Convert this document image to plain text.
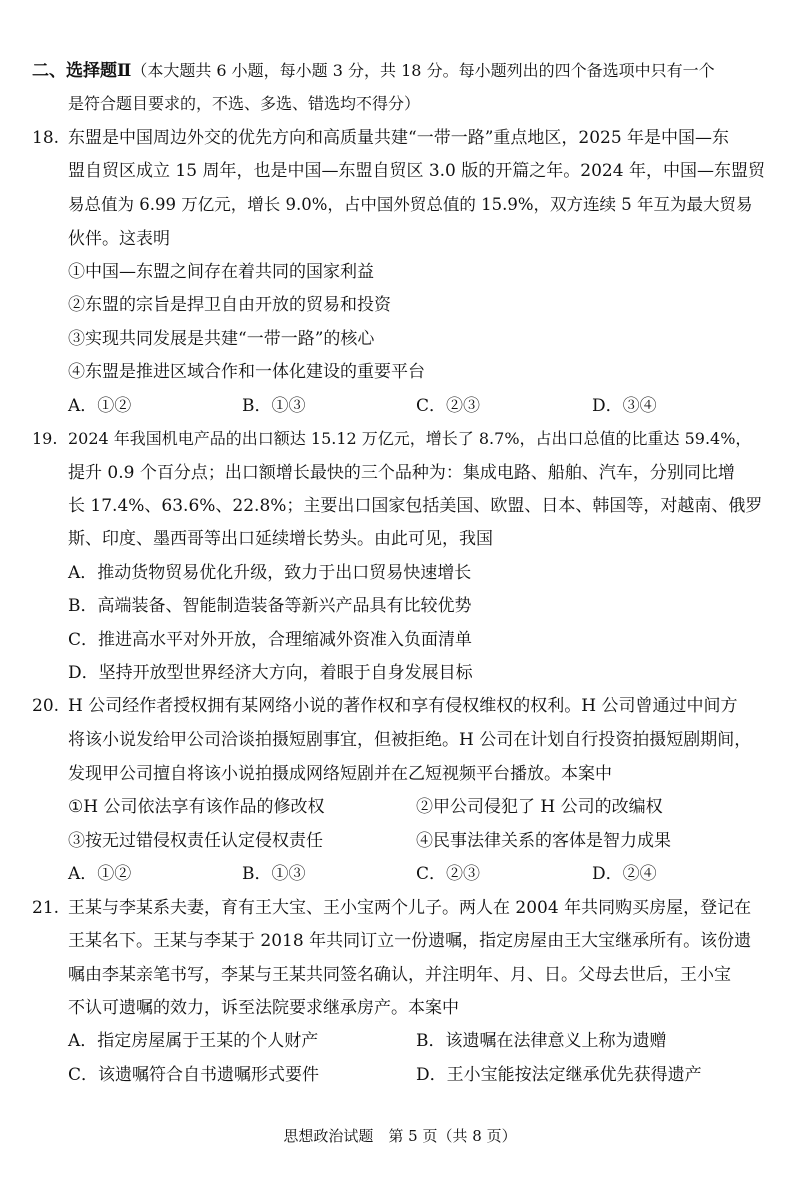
二、选择题Ⅱ（本大题共 6 小题，每小题 3 分，共 18 分。每小题列出的四个备选项中只有一个
是符合题目要求的，不选、多选、错选均不得分）
18. 东盟是中国周边外交的优先方向和高质量共建“一带一路”重点地区，2025 年是中国—东
盟自贸区成立 15 周年，也是中国—东盟自贸区 3.0 版的开篇之年。2024 年，中国—东盟贸
易总值为 6.99 万亿元，增长 9.0%，占中国外贸总值的 15.9%，双方连续 5 年互为最大贸易
伙伴。这表明
①中国—东盟之间存在着共同的国家利益
②东盟的宗旨是捍卫自由开放的贸易和投资
③实现共同发展是共建“一带一路”的核心
④东盟是推进区域合作和一体化建设的重要平台
A．①②	B．①③	C．②③	D．③④
19. 2024 年我国机电产品的出口额达 15.12 万亿元，增长了 8.7%，占出口总值的比重达 59.4%，
提升 0.9 个百分点；出口额增长最快的三个品种为：集成电路、船舶、汽车，分别同比增
长 17.4%、63.6%、22.8%；主要出口国家包括美国、欧盟、日本、韩国等，对越南、俄罗
斯、印度、墨西哥等出口延续增长势头。由此可见，我国
A．推动货物贸易优化升级，致力于出口贸易快速增长
B．高端装备、智能制造装备等新兴产品具有比较优势
C．推进高水平对外开放，合理缩减外资准入负面清单
D．坚持开放型世界经济大方向，着眼于自身发展目标
20. H 公司经作者授权拥有某网络小说的著作权和享有侵权维权的权利。H 公司曾通过中间方
将该小说发给甲公司洽谈拍摄短剧事宜，但被拒绝。H 公司在计划自行投资拍摄短剧期间，
发现甲公司擅自将该小说拍摄成网络短剧并在乙短视频平台播放。本案中
①H 公司依法享有该作品的修改权	②甲公司侵犯了 H 公司的改编权
③按无过错侵权责任认定侵权责任	④民事法律关系的客体是智力成果
A．①②	B．①③	C．②③	D．②④
21. 王某与李某系夫妻，育有王大宝、王小宝两个儿子。两人在 2004 年共同购买房屋，登记在
王某名下。王某与李某于 2018 年共同订立一份遗嘱，指定房屋由王大宝继承所有。该份遗
嘱由李某亲笔书写，李某与王某共同签名确认，并注明年、月、日。父母去世后，王小宝
不认可遗嘱的效力，诉至法院要求继承房产。本案中
A．指定房屋属于王某的个人财产	B．该遗嘱在法律意义上称为遗赠
C．该遗嘱符合自书遗嘱形式要件	D．王小宝能按法定继承优先获得遗产
思想政治试题　第 5 页（共 8 页）
